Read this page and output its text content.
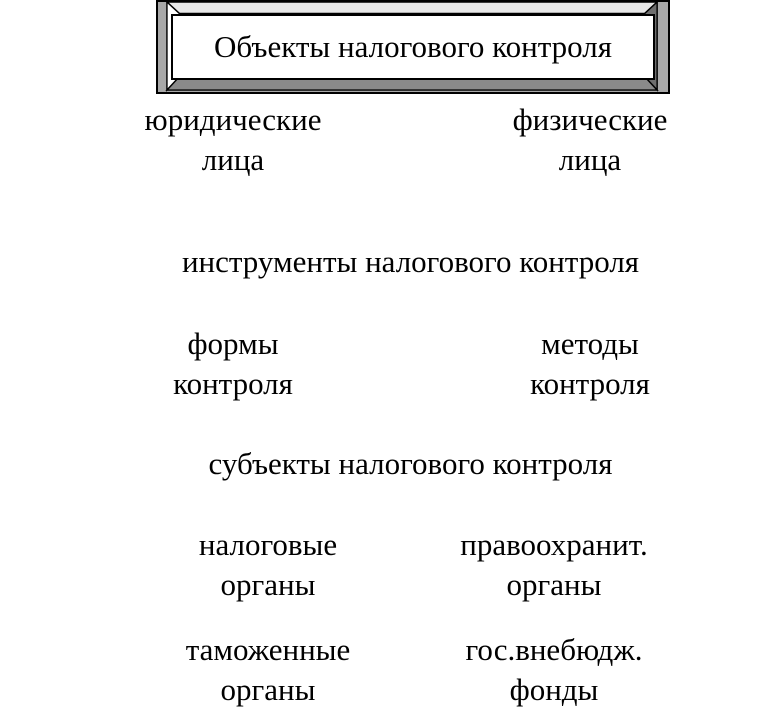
Объекты налогового контроля
юридические
лица
физические
лица
инструменты налогового контроля
формы
контроля
методы
контроля
субъекты налогового контроля
налоговые
органы
правоохранит.
органы
таможенные
органы
гос.внебюдж.
фонды
